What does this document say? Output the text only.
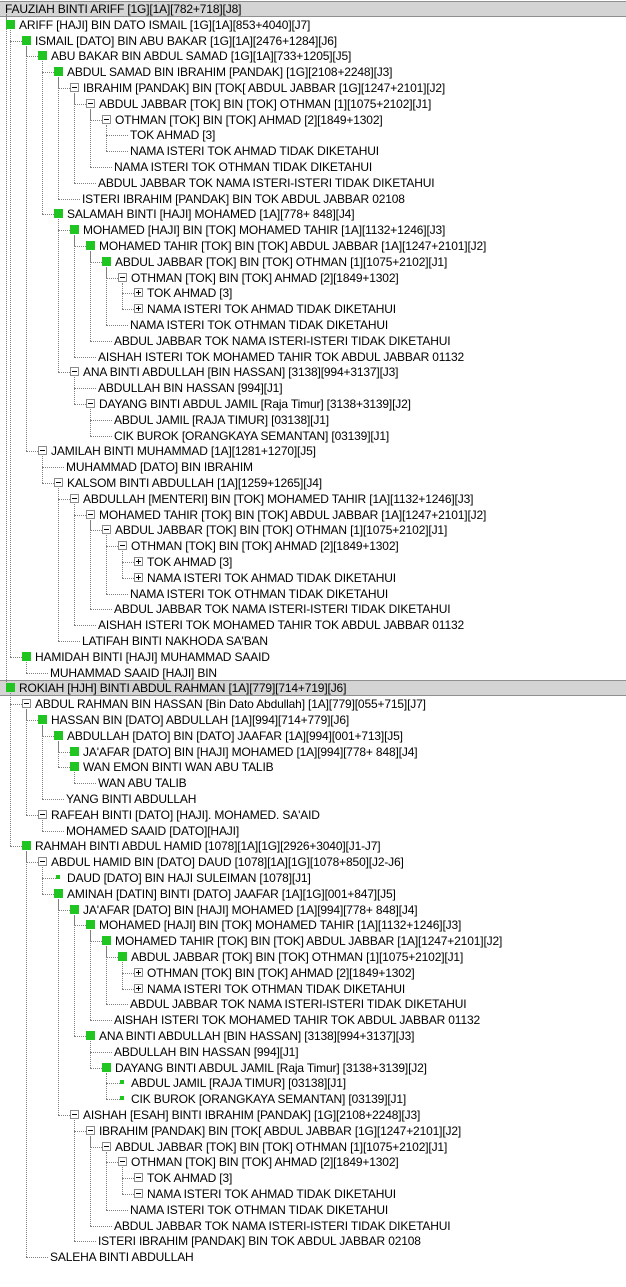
FAUZIAH BINTI ARIFF [1G][1A][782+718][J8]
ARIFF [HAJI] BIN DATO ISMAIL [1G][1A][853+4040][J7]
ISMAIL [DATO] BIN ABU BAKAR [1G][1A][2476+1284][J6]
ABU BAKAR BIN ABDUL SAMAD [1G][1A][733+1205][J5]
ABDUL SAMAD BIN IBRAHIM [PANDAK] [1G][2108+2248][J3]
IBRAHIM [PANDAK] BIN [TOK[ ABDUL JABBAR [1G][1247+2101][J2]
ABDUL JABBAR [TOK] BIN [TOK] OTHMAN [1][1075+2102][J1]
OTHMAN [TOK] BIN [TOK] AHMAD [2][1849+1302]
TOK AHMAD [3]
NAMA ISTERI TOK AHMAD TIDAK DIKETAHUI
NAMA ISTERI TOK OTHMAN TIDAK DIKETAHUI
ABDUL JABBAR TOK NAMA ISTERI-ISTERI TIDAK DIKETAHUI
ISTERI IBRAHIM [PANDAK] BIN TOK ABDUL JABBAR 02108
SALAMAH BINTI [HAJI] MOHAMED [1A][778+ 848][J4]
MOHAMED [HAJI] BIN [TOK] MOHAMED TAHIR [1A][1132+1246][J3]
MOHAMED TAHIR [TOK] BIN [TOK] ABDUL JABBAR [1A][1247+2101][J2]
ABDUL JABBAR [TOK] BIN [TOK] OTHMAN [1][1075+2102][J1]
OTHMAN [TOK] BIN [TOK] AHMAD [2][1849+1302]
TOK AHMAD [3]
NAMA ISTERI TOK AHMAD TIDAK DIKETAHUI
NAMA ISTERI TOK OTHMAN TIDAK DIKETAHUI
ABDUL JABBAR TOK NAMA ISTERI-ISTERI TIDAK DIKETAHUI
AISHAH ISTERI TOK MOHAMED TAHIR TOK ABDUL JABBAR 01132
ANA BINTI ABDULLAH [BIN HASSAN] [3138][994+3137][J3]
ABDULLAH BIN HASSAN [994][J1]
DAYANG BINTI ABDUL JAMIL [Raja Timur] [3138+3139][J2]
ABDUL JAMIL [RAJA TIMUR] [03138][J1]
CIK BUROK [ORANGKAYA SEMANTAN] [03139][J1]
JAMILAH BINTI MUHAMMAD [1A][1281+1270][J5]
MUHAMMAD [DATO] BIN IBRAHIM
KALSOM BINTI ABDULLAH [1A][1259+1265][J4]
ABDULLAH [MENTERI] BIN [TOK] MOHAMED TAHIR [1A][1132+1246][J3]
MOHAMED TAHIR [TOK] BIN [TOK] ABDUL JABBAR [1A][1247+2101][J2]
ABDUL JABBAR [TOK] BIN [TOK] OTHMAN [1][1075+2102][J1]
OTHMAN [TOK] BIN [TOK] AHMAD [2][1849+1302]
TOK AHMAD [3]
NAMA ISTERI TOK AHMAD TIDAK DIKETAHUI
NAMA ISTERI TOK OTHMAN TIDAK DIKETAHUI
ABDUL JABBAR TOK NAMA ISTERI-ISTERI TIDAK DIKETAHUI
AISHAH ISTERI TOK MOHAMED TAHIR TOK ABDUL JABBAR 01132
LATIFAH BINTI NAKHODA SA'BAN
HAMIDAH BINTI [HAJI] MUHAMMAD SAAID
MUHAMMAD SAAID [HAJI] BIN
ROKIAH [HJH] BINTI ABDUL RAHMAN [1A][779][714+719][J6]
ABDUL RAHMAN BIN HASSAN [Bin Dato Abdullah] [1A][779][055+715][J7]
HASSAN BIN [DATO] ABDULLAH [1A][994][714+779][J6]
ABDULLAH [DATO] BIN [DATO] JAAFAR [1A][994][001+713][J5]
JA'AFAR [DATO] BIN [HAJI] MOHAMED [1A][994][778+ 848][J4]
WAN EMON BINTI WAN ABU TALIB
WAN ABU TALIB
YANG BINTI ABDULLAH
RAFEAH BINTI [DATO] [HAJI]. MOHAMED. SA'AID
MOHAMED SAAID [DATO][HAJI]
RAHMAH BINTI ABDUL HAMID [1078][1A][1G][2926+3040][J1-J7]
ABDUL HAMID BIN [DATO] DAUD [1078][1A][1G][1078+850][J2-J6]
DAUD [DATO] BIN HAJI SULEIMAN [1078][J1]
AMINAH [DATIN] BINTI [DATO] JAAFAR [1A][1G][001+847][J5]
JA'AFAR [DATO] BIN [HAJI] MOHAMED [1A][994][778+ 848][J4]
MOHAMED [HAJI] BIN [TOK] MOHAMED TAHIR [1A][1132+1246][J3]
MOHAMED TAHIR [TOK] BIN [TOK] ABDUL JABBAR [1A][1247+2101][J2]
ABDUL JABBAR [TOK] BIN [TOK] OTHMAN [1][1075+2102][J1]
OTHMAN [TOK] BIN [TOK] AHMAD [2][1849+1302]
NAMA ISTERI TOK OTHMAN TIDAK DIKETAHUI
ABDUL JABBAR TOK NAMA ISTERI-ISTERI TIDAK DIKETAHUI
AISHAH ISTERI TOK MOHAMED TAHIR TOK ABDUL JABBAR 01132
ANA BINTI ABDULLAH [BIN HASSAN] [3138][994+3137][J3]
ABDULLAH BIN HASSAN [994][J1]
DAYANG BINTI ABDUL JAMIL [Raja Timur] [3138+3139][J2]
ABDUL JAMIL [RAJA TIMUR] [03138][J1]
CIK BUROK [ORANGKAYA SEMANTAN] [03139][J1]
AISHAH [ESAH] BINTI IBRAHIM [PANDAK] [1G][2108+2248][J3]
IBRAHIM [PANDAK] BIN [TOK[ ABDUL JABBAR [1G][1247+2101][J2]
ABDUL JABBAR [TOK] BIN [TOK] OTHMAN [1][1075+2102][J1]
OTHMAN [TOK] BIN [TOK] AHMAD [2][1849+1302]
TOK AHMAD [3]
NAMA ISTERI TOK AHMAD TIDAK DIKETAHUI
NAMA ISTERI TOK OTHMAN TIDAK DIKETAHUI
ABDUL JABBAR TOK NAMA ISTERI-ISTERI TIDAK DIKETAHUI
ISTERI IBRAHIM [PANDAK] BIN TOK ABDUL JABBAR 02108
SALEHA BINTI ABDULLAH
